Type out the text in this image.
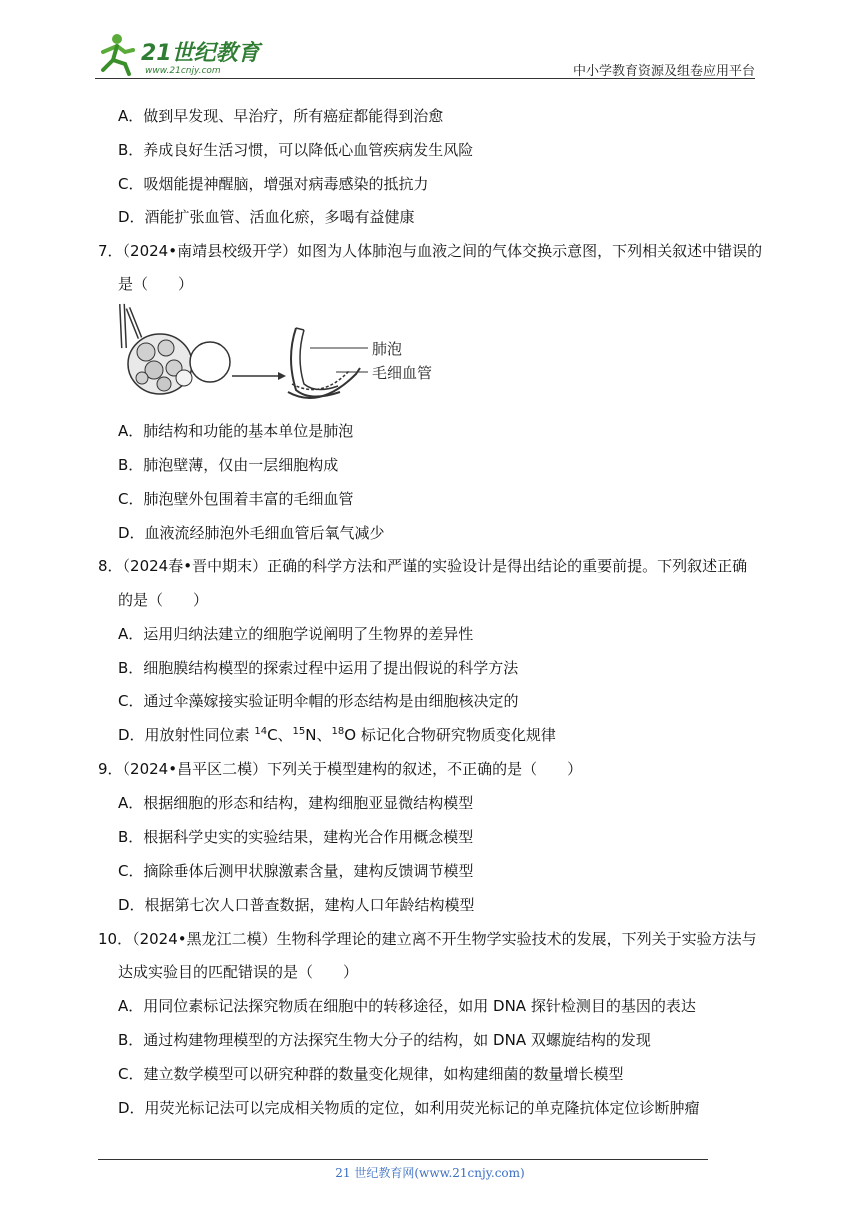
21世纪教育
www.21cnjy.com	中小学教育资源及组卷应用平台
A．做到早发现、早治疗，所有癌症都能得到治愈
B．养成良好生活习惯，可以降低心血管疾病发生风险
C．吸烟能提神醒脑，增强对病毒感染的抵抗力
D．酒能扩张血管、活血化瘀，多喝有益健康
7．（2024•南靖县校级开学）如图为人体肺泡与血液之间的气体交换示意图，下列相关叙述中错误的
是（　　）
肺泡
毛细血管
A．肺结构和功能的基本单位是肺泡
B．肺泡壁薄，仅由一层细胞构成
C．肺泡壁外包围着丰富的毛细血管
D．血液流经肺泡外毛细血管后氧气减少
8．（2024春•晋中期末）正确的科学方法和严谨的实验设计是得出结论的重要前提。下列叙述正确
的是（　　）
A．运用归纳法建立的细胞学说阐明了生物界的差异性
B．细胞膜结构模型的探索过程中运用了提出假说的科学方法
C．通过伞藻嫁接实验证明伞帽的形态结构是由细胞核决定的
D．用放射性同位素 $^{14}$C、$^{15}$N、$^{18}$O 标记化合物研究物质变化规律
9．（2024•昌平区二模）下列关于模型建构的叙述，不正确的是（　　）
A．根据细胞的形态和结构，建构细胞亚显微结构模型
B．根据科学史实的实验结果，建构光合作用概念模型
C．摘除垂体后测甲状腺激素含量，建构反馈调节模型
D．根据第七次人口普查数据，建构人口年龄结构模型
10．（2024•黑龙江二模）生物科学理论的建立离不开生物学实验技术的发展，下列关于实验方法与
达成实验目的匹配错误的是（　　）
A．用同位素标记法探究物质在细胞中的转移途径，如用 DNA 探针检测目的基因的表达
B．通过构建物理模型的方法探究生物大分子的结构，如 DNA 双螺旋结构的发现
C．建立数学模型可以研究种群的数量变化规律，如构建细菌的数量增长模型
D．用荧光标记法可以完成相关物质的定位，如利用荧光标记的单克隆抗体定位诊断肿瘤
21 世纪教育网(www.21cnjy.com)
